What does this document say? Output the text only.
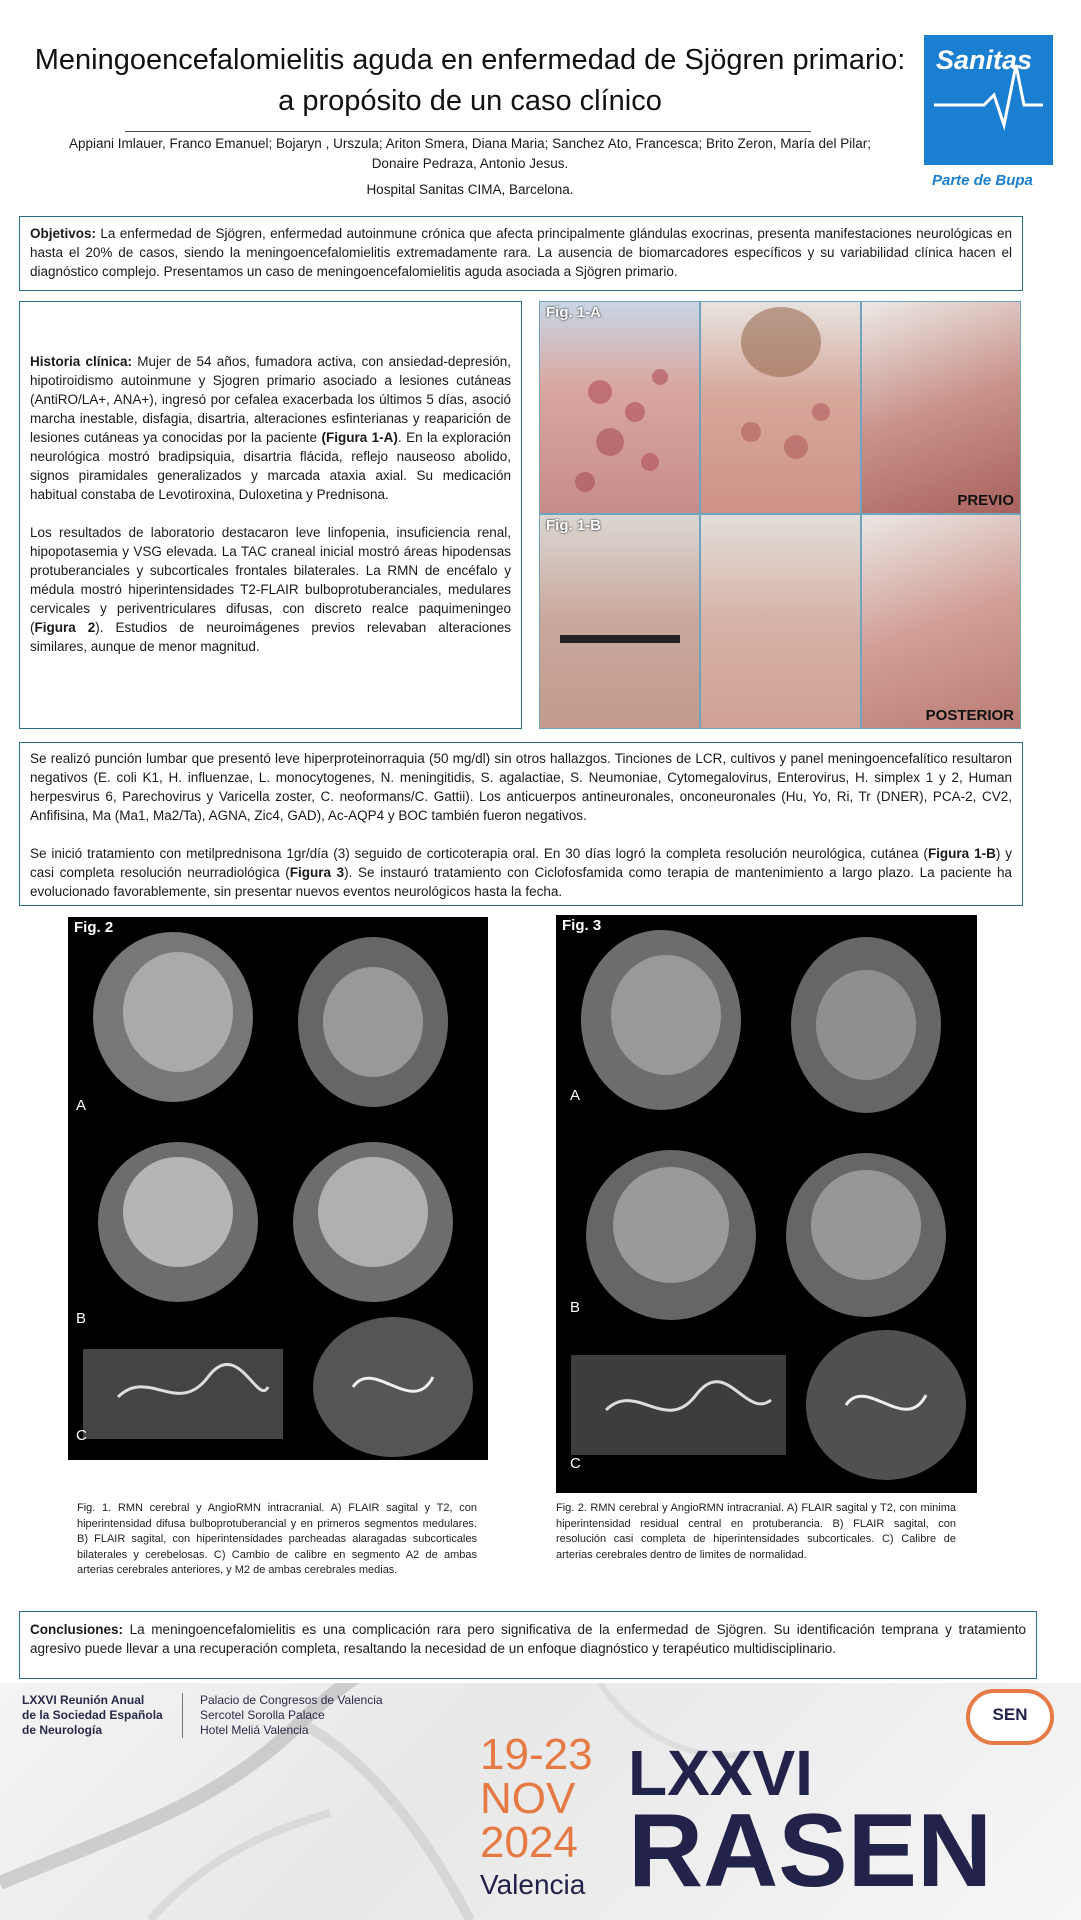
Meningoencefalomielitis aguda en enfermedad de Sjögren primario:
a propósito de un caso clínico
Appiani Imlauer, Franco Emanuel; Bojaryn , Urszula; Ariton Smera, Diana Maria; Sanchez Ato, Francesca; Brito Zeron, María del Pilar;
Donaire Pedraza, Antonio Jesus.
Hospital Sanitas CIMA, Barcelona.
Sanitas
Parte de Bupa
Objetivos: La enfermedad de Sjögren, enfermedad autoinmune crónica que afecta principalmente glándulas exocrinas, presenta manifestaciones neurológicas en hasta el 20% de casos, siendo la meningoencefalomielitis extremadamente rara. La ausencia de biomarcadores específicos y su variabilidad clínica hacen el diagnóstico complejo. Presentamos un caso de meningoencefalomielitis aguda asociada a Sjögren primario.

Historia clínica: Mujer de 54 años, fumadora activa, con ansiedad-depresión, hipotiroidismo autoinmune y Sjogren primario asociado a lesiones cutáneas (AntiRO/LA+, ANA+), ingresó por cefalea exacerbada los últimos 5 días, asoció marcha inestable, disfagia, disartria, alteraciones esfinterianas y reaparición de lesiones cutáneas ya conocidas por la paciente (Figura 1-A). En la exploración neurológica mostró bradipsiquia, disartria flácida, reflejo nauseoso abolido, signos piramidales generalizados y marcada ataxia axial. Su medicación habitual constaba de Levotiroxina, Duloxetina y Prednisona.

Los resultados de laboratorio destacaron leve linfopenia, insuficiencia renal, hipopotasemia y VSG elevada. La TAC craneal inicial mostró áreas hipodensas protuberanciales y subcorticales frontales bilaterales. La RMN de encéfalo y médula mostró hiperintensidades T2-FLAIR bulboprotuberanciales, medulares cervicales y periventriculares difusas, con discreto realce paquimeningeo (Figura 2). Estudios de neuroimágenes previos relevaban alteraciones similares, aunque de menor magnitud.

Fig. 1-A
PREVIO
Fig. 1-B
POSTERIOR

Se realizó punción lumbar que presentó leve hiperproteinorraquia (50 mg/dl) sin otros hallazgos. Tinciones de LCR, cultivos y panel meningoencefalítico resultaron negativos (E. coli K1, H. influenzae, L. monocytogenes, N. meningitidis, S. agalactiae, S. Neumoniae, Cytomegalovirus, Enterovirus, H. simplex 1 y 2, Human herpesvirus 6, Parechovirus y Varicella zoster, C. neoformans/C. Gattii). Los anticuerpos antineuronales, onconeuronales (Hu, Yo, Ri, Tr (DNER), PCA-2, CV2, Anfifisina, Ma (Ma1, Ma2/Ta), AGNA, Zic4, GAD), Ac-AQP4 y BOC también fueron negativos.

Se inició tratamiento con metilprednisona 1gr/día (3) seguido de corticoterapia oral. En 30 días logró la completa resolución neurológica, cutánea (Figura 1-B) y casi completa resolución neurradiológica (Figura 3). Se instauró tratamiento con Ciclofosfamida como terapia de mantenimiento a largo plazo. La paciente ha evolucionado favorablemente, sin presentar nuevos eventos neurológicos hasta la fecha.

Fig. 2
A
B
C
Fig. 1. RMN cerebral y AngioRMN intracranial. A) FLAIR sagital y T2, con hiperintensidad difusa bulboprotuberancial y en primeros segmentos medulares. B) FLAIR sagital, con hiperintensidades parcheadas alaragadas subcorticales bilaterales y cerebelosas. C) Cambio de calibre en segmento A2 de ambas arterias cerebrales anteriores, y M2 de ambas cerebrales medias.
Fig. 3
A
B
C
Fig. 2. RMN cerebral y AngioRMN intracranial. A) FLAIR sagital y T2, con minima hiperintensidad residual central en protuberancia. B) FLAIR sagital, con resolución casi completa de hiperintensidades subcorticales. C) Calibre de arterias cerebrales dentro de limites de normalidad.
Conclusiones: La meningoencefalomielitis es una complicación rara pero significativa de la enfermedad de Sjögren. Su identificación temprana y tratamiento agresivo puede llevar a una recuperación completa, resaltando la necesidad de un enfoque diagnóstico y terapéutico multidisciplinario.
LXXVI Reunión Anual
de la Sociedad Española
de Neurología
Palacio de Congresos de Valencia
Sercotel Sorolla Palace
Hotel Meliá Valencia	19-23
NOV
2024
Valencia
LXXVI
RASEN
SEN
